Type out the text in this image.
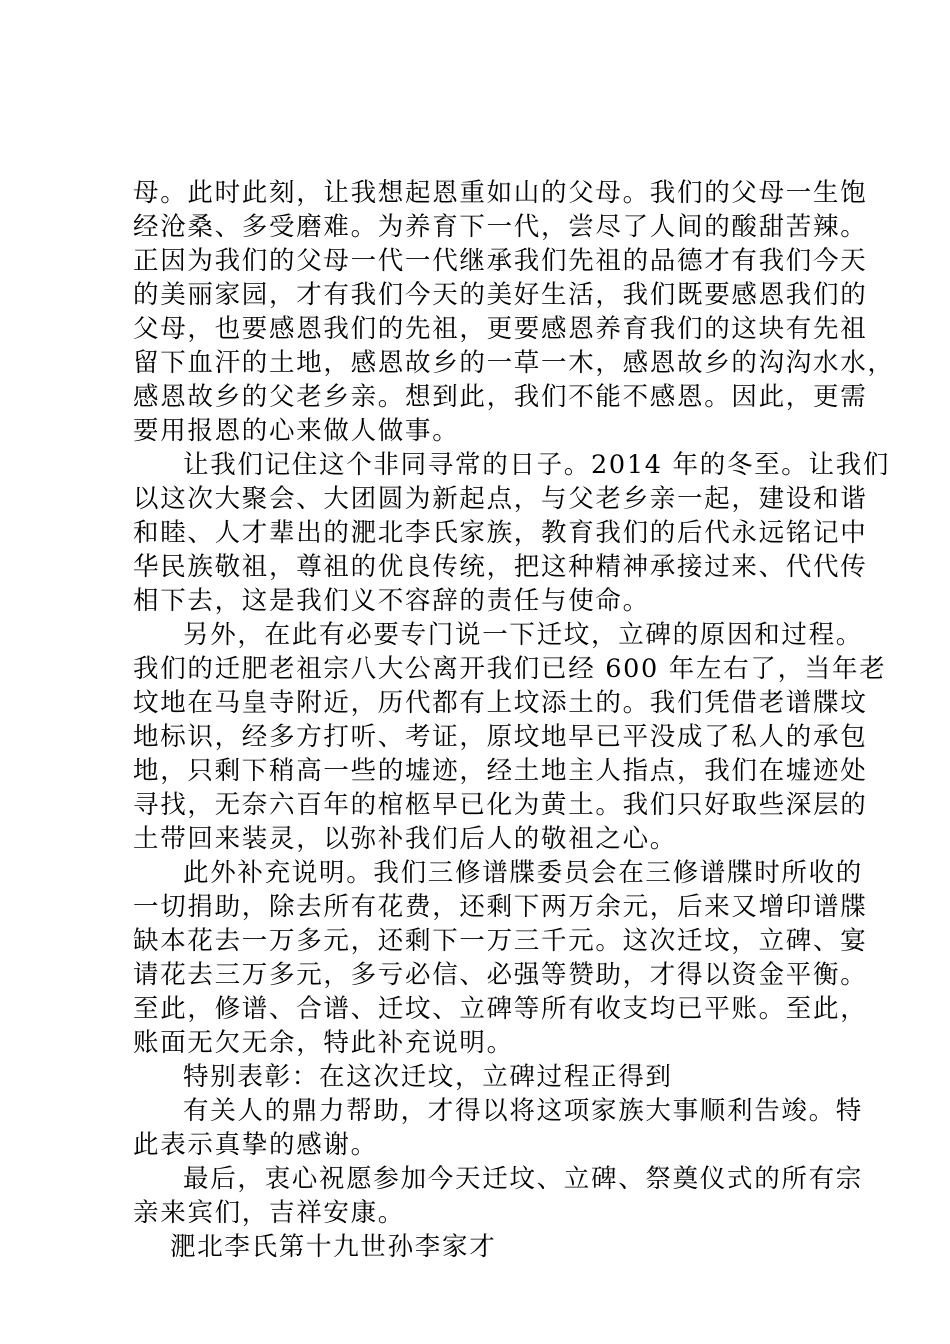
母。此时此刻，让我想起恩重如山的父母。我们的父母一生饱
经沧桑、多受磨难。为养育下一代，尝尽了人间的酸甜苦辣。
正因为我们的父母一代一代继承我们先祖的品德才有我们今天
的美丽家园，才有我们今天的美好生活，我们既要感恩我们的
父母，也要感恩我们的先祖，更要感恩养育我们的这块有先祖
留下血汗的土地，感恩故乡的一草一木，感恩故乡的沟沟水水，
感恩故乡的父老乡亲。想到此，我们不能不感恩。因此，更需
要用报恩的心来做人做事。
让我们记住这个非同寻常的日子。2014 年的冬至。让我们
以这次大聚会、大团圆为新起点，与父老乡亲一起，建设和谐
和睦、人才辈出的淝北李氏家族，教育我们的后代永远铭记中
华民族敬祖，尊祖的优良传统，把这种精神承接过来、代代传
相下去，这是我们义不容辞的责任与使命。
另外，在此有必要专门说一下迁坟，立碑的原因和过程。
我们的迁肥老祖宗八大公离开我们已经 600 年左右了，当年老
坟地在马皇寺附近，历代都有上坟添土的。我们凭借老谱牒坟
地标识，经多方打听、考证，原坟地早已平没成了私人的承包
地，只剩下稍高一些的墟迹，经土地主人指点，我们在墟迹处
寻找，无奈六百年的棺柩早已化为黄土。我们只好取些深层的
土带回来装灵，以弥补我们后人的敬祖之心。
此外补充说明。我们三修谱牒委员会在三修谱牒时所收的
一切捐助，除去所有花费，还剩下两万余元，后来又增印谱牒
缺本花去一万多元，还剩下一万三千元。这次迁坟，立碑、宴
请花去三万多元，多亏必信、必强等赞助，才得以资金平衡。
至此，修谱、合谱、迁坟、立碑等所有收支均已平账。至此，
账面无欠无余，特此补充说明。
特别表彰：在这次迁坟，立碑过程正得到
有关人的鼎力帮助，才得以将这项家族大事顺利告竣。特
此表示真挚的感谢。
最后，衷心祝愿参加今天迁坟、立碑、祭奠仪式的所有宗
亲来宾们，吉祥安康。
淝北李氏第十九世孙李家才
